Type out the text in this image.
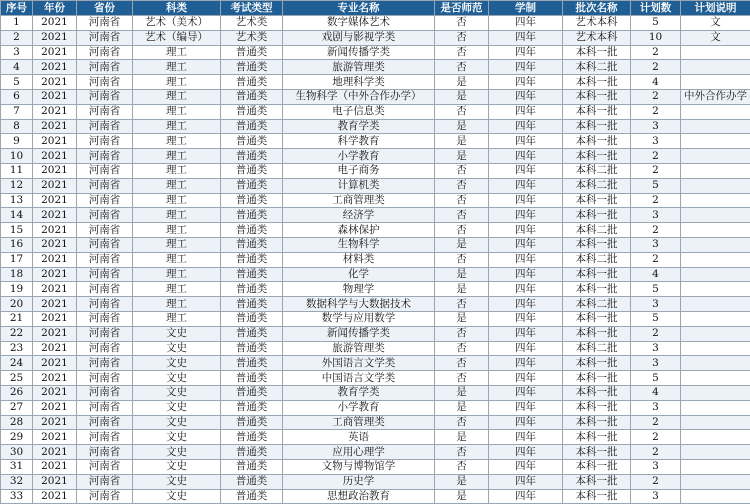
序号	年份	省份	科类	考试类型	专业名称	是否师范	学制	批次名称	计划数	计划说明
1	2021	河南省	艺术（美术）	艺术类	数字媒体艺术	否	四年	艺术本科	5	文
2	2021	河南省	艺术（编导）	艺术类	戏剧与影视学类	否	四年	艺术本科	10	文
3	2021	河南省	理工	普通类	新闻传播学类	否	四年	本科一批	2	
4	2021	河南省	理工	普通类	旅游管理类	否	四年	本科二批	2	
5	2021	河南省	理工	普通类	地理科学类	是	四年	本科一批	4	
6	2021	河南省	理工	普通类	生物科学（中外合作办学）	是	四年	本科一批	2	中外合作办学
7	2021	河南省	理工	普通类	电子信息类	否	四年	本科一批	2	
8	2021	河南省	理工	普通类	教育学类	是	四年	本科一批	3	
9	2021	河南省	理工	普通类	科学教育	是	四年	本科一批	3	
10	2021	河南省	理工	普通类	小学教育	是	四年	本科一批	2	
11	2021	河南省	理工	普通类	电子商务	否	四年	本科二批	2	
12	2021	河南省	理工	普通类	计算机类	否	四年	本科二批	5	
13	2021	河南省	理工	普通类	工商管理类	否	四年	本科一批	2	
14	2021	河南省	理工	普通类	经济学	否	四年	本科一批	3	
15	2021	河南省	理工	普通类	森林保护	否	四年	本科二批	2	
16	2021	河南省	理工	普通类	生物科学	是	四年	本科一批	3	
17	2021	河南省	理工	普通类	材料类	否	四年	本科二批	2	
18	2021	河南省	理工	普通类	化学	是	四年	本科一批	4	
19	2021	河南省	理工	普通类	物理学	是	四年	本科一批	5	
20	2021	河南省	理工	普通类	数据科学与大数据技术	否	四年	本科二批	3	
21	2021	河南省	理工	普通类	数学与应用数学	是	四年	本科一批	5	
22	2021	河南省	文史	普通类	新闻传播学类	否	四年	本科一批	2	
23	2021	河南省	文史	普通类	旅游管理类	否	四年	本科二批	3	
24	2021	河南省	文史	普通类	外国语言文学类	否	四年	本科一批	3	
25	2021	河南省	文史	普通类	中国语言文学类	否	四年	本科一批	5	
26	2021	河南省	文史	普通类	教育学类	是	四年	本科一批	4	
27	2021	河南省	文史	普通类	小学教育	是	四年	本科一批	3	
28	2021	河南省	文史	普通类	工商管理类	否	四年	本科一批	2	
29	2021	河南省	文史	普通类	英语	是	四年	本科一批	2	
30	2021	河南省	文史	普通类	应用心理学	否	四年	本科一批	2	
31	2021	河南省	文史	普通类	文物与博物馆学	否	四年	本科一批	3	
32	2021	河南省	文史	普通类	历史学	是	四年	本科一批	2	
33	2021	河南省	文史	普通类	思想政治教育	是	四年	本科一批	3	
